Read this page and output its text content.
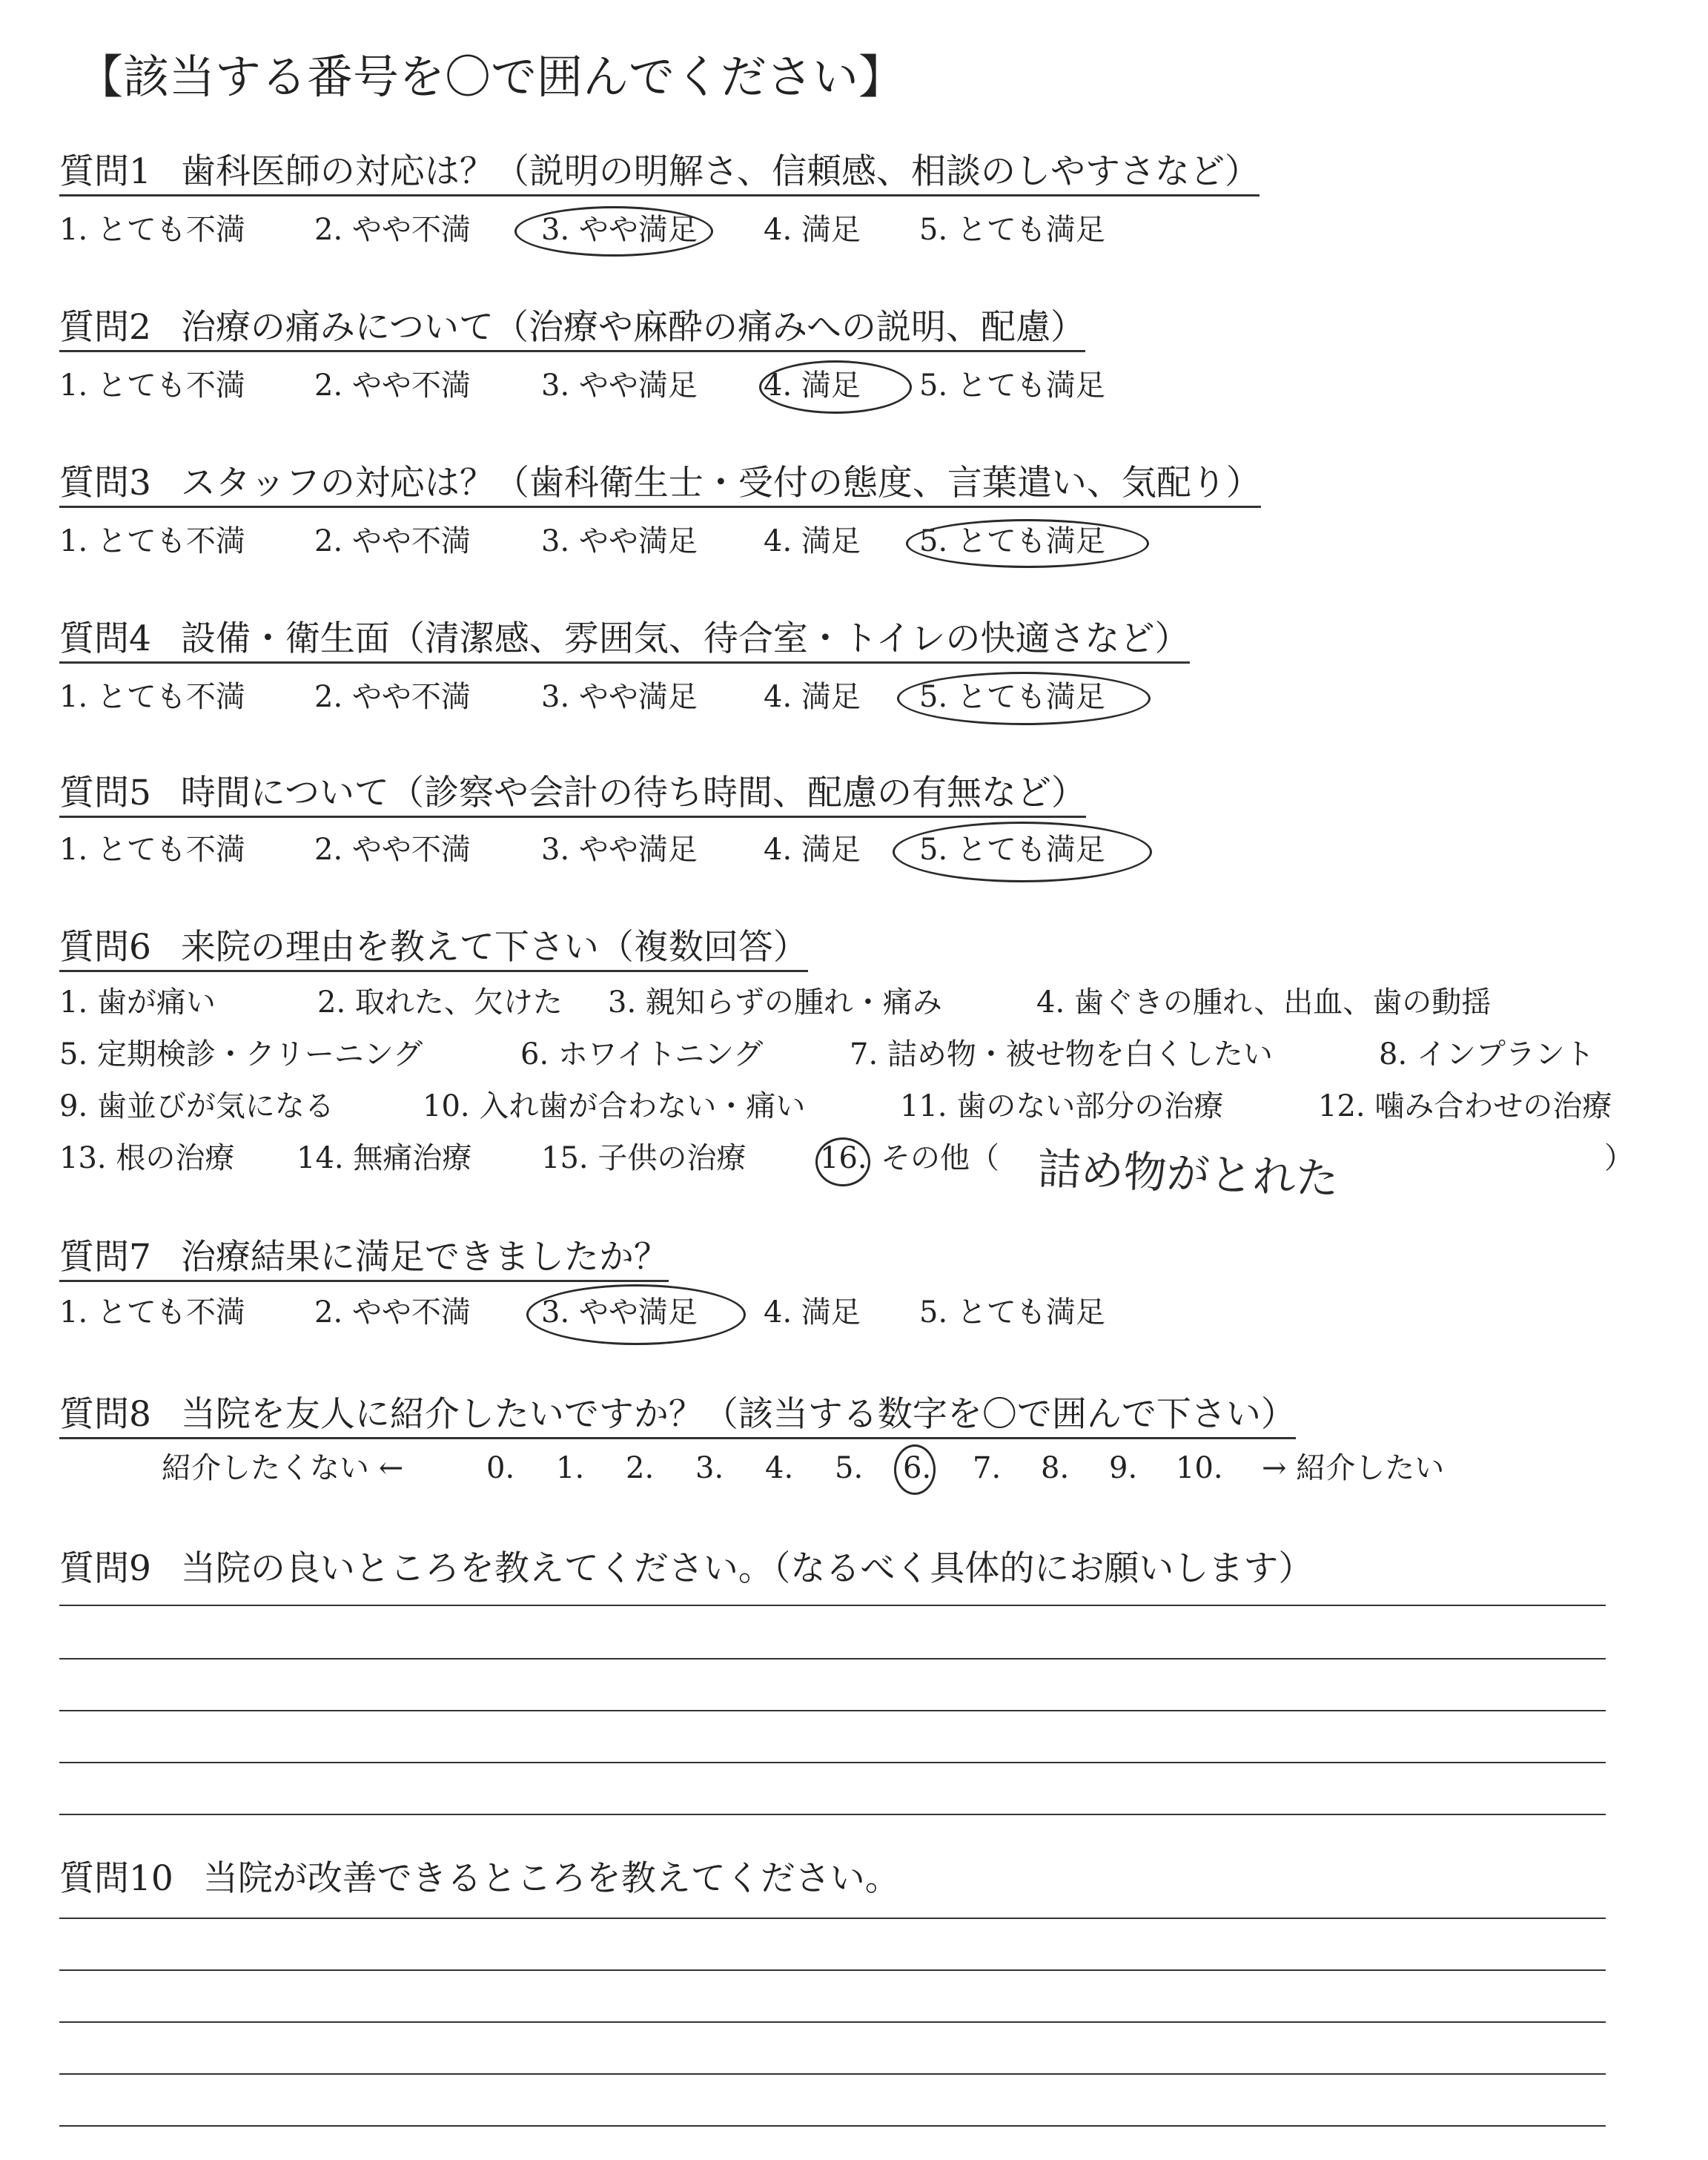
【該当する番号を〇で囲んでください】
質問1 歯科医師の対応は？（説明の明解さ、信頼感、相談のしやすさなど）
1. とても不満 2. やや不満 3. やや満足 4. 満足 5. とても満足
質問2 治療の痛みについて（治療や麻酔の痛みへの説明、配慮）
1. とても不満 2. やや不満 3. やや満足 4. 満足 5. とても満足
質問3 スタッフの対応は？（歯科衛生士・受付の態度、言葉遣い、気配り）
1. とても不満 2. やや不満 3. やや満足 4. 満足 5. とても満足
質問4 設備・衛生面（清潔感、雰囲気、待合室・トイレの快適さなど）
1. とても不満 2. やや不満 3. やや満足 4. 満足 5. とても満足
質問5 時間について（診察や会計の待ち時間、配慮の有無など）
1. とても不満 2. やや不満 3. やや満足 4. 満足 5. とても満足
質問6 来院の理由を教えて下さい（複数回答）
1. 歯が痛い	2. 取れた、欠けた 3. 親知らずの腫れ・痛み	4. 歯ぐきの腫れ、出血、歯の動揺
5. 定期検診・クリーニング	6. ホワイトニング	7. 詰め物・被せ物を白くしたい	8. インプラント
9. 歯並びが気になる	10. 入れ歯が合わない・痛い	11. 歯のない部分の治療	12. 噛み合わせの治療
13. 根の治療 14. 無痛治療 15. 子供の治療 16. その他（	）
詰め物がとれた
質問7 治療結果に満足できましたか？
1. とても不満 2. やや不満 3. やや満足 4. 満足 5. とても満足
質問8 当院を友人に紹介したいですか？（該当する数字を〇で囲んで下さい）
紹介したくない ←	0. 1. 2. 3. 4. 5. 6. 7. 8. 9. 10. → 紹介したい
質問9 当院の良いところを教えてください。（なるべく具体的にお願いします）
質問10 当院が改善できるところを教えてください。
